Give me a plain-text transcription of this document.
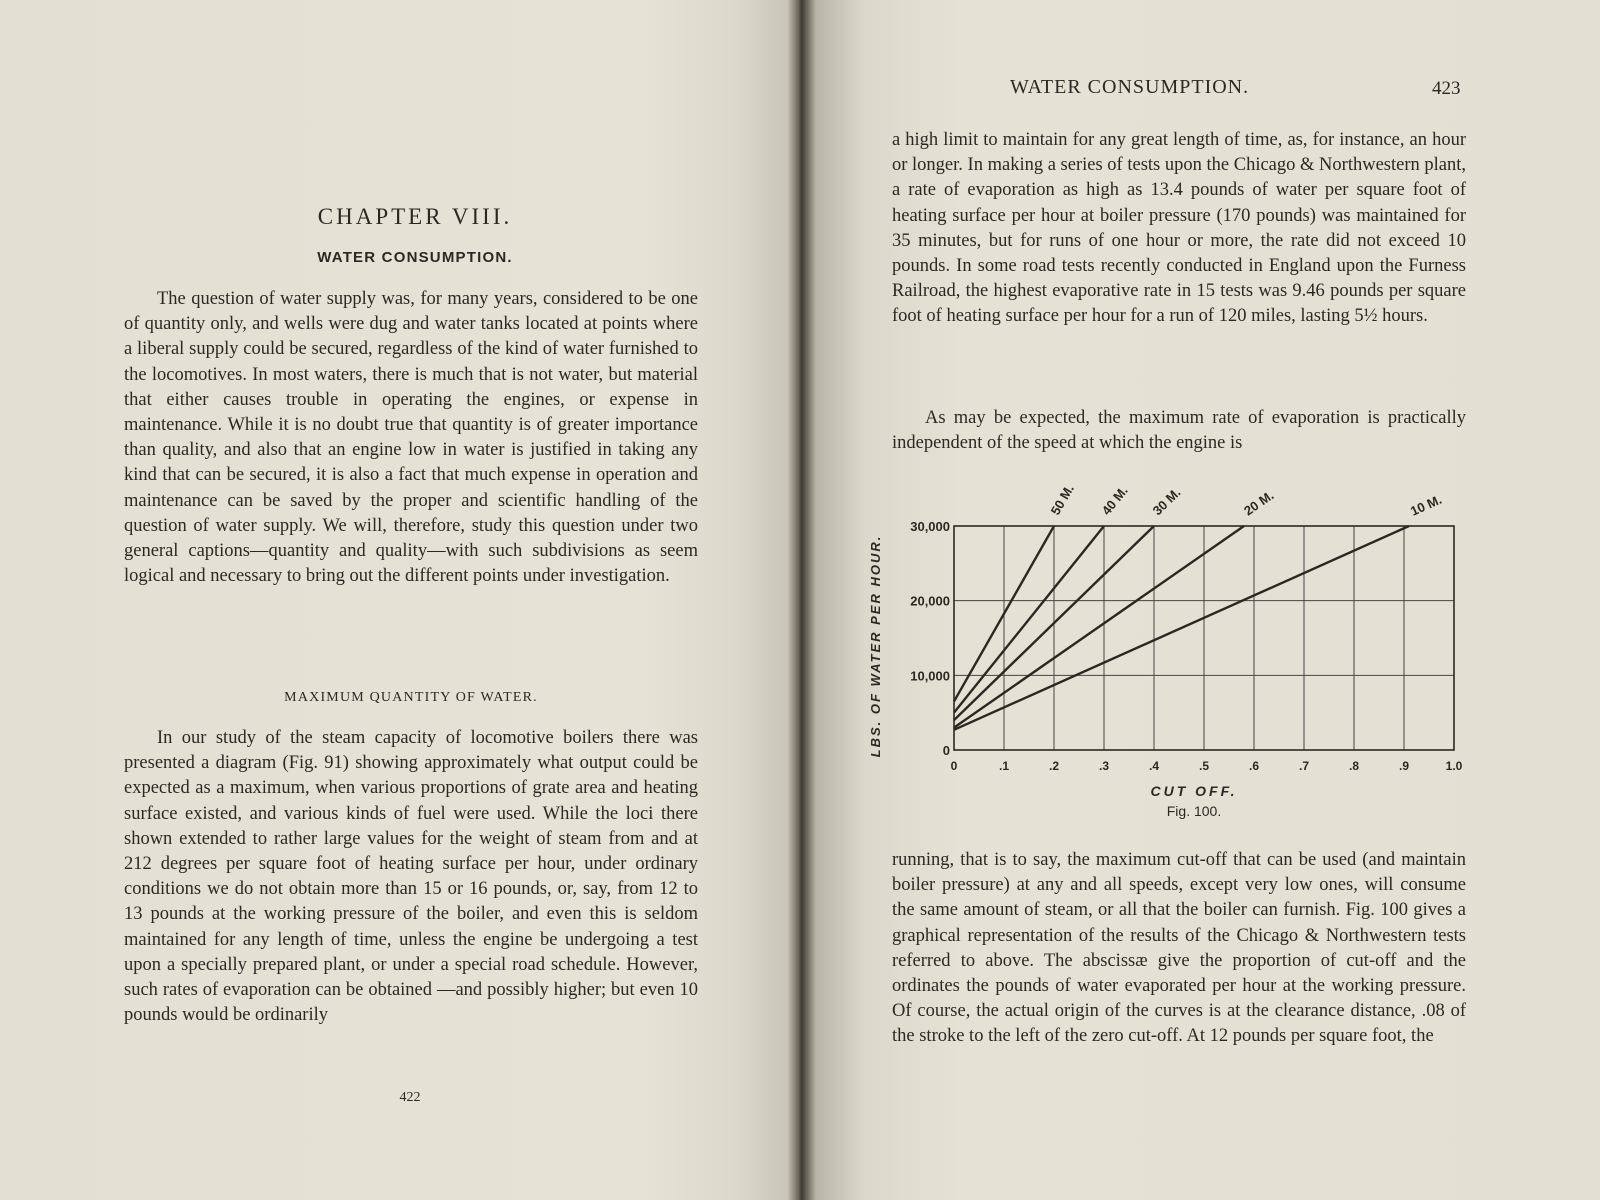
CHAPTER VIII.
WATER CONSUMPTION.

The question of water supply was, for many years, considered to be one of quantity only, and wells were dug and water tanks located at points where a liberal supply could be secured, regardless of the kind of water furnished to the locomotives. In most waters, there is much that is not water, but material that either causes trouble in operating the engines, or expense in maintenance. While it is no doubt true that quantity is of greater importance than quality, and also that an engine low in water is justified in taking any kind that can be secured, it is also a fact that much expense in operation and maintenance can be saved by the proper and scientific handling of the question of water supply. We will, therefore, study this question under two general captions—quantity and quality—with such subdivisions as seem logical and necessary to bring out the different points under investigation.

MAXIMUM QUANTITY OF WATER.

In our study of the steam capacity of locomotive boilers there was presented a diagram (Fig. 91) showing approximately what output could be expected as a maximum, when various proportions of grate area and heating surface existed, and various kinds of fuel were used. While the loci there shown extended to rather large values for the weight of steam from and at 212 degrees per square foot of heating surface per hour, under ordinary conditions we do not obtain more than 15 or 16 pounds, or, say, from 12 to 13 pounds at the working pressure of the boiler, and even this is seldom maintained for any length of time, unless the engine be undergoing a test upon a specially prepared plant, or under a special road schedule. However, such rates of evaporation can be obtained —and possibly higher; but even 10 pounds would be ordinarily

422
WATER CONSUMPTION.	423

a high limit to maintain for any great length of time, as, for instance, an hour or longer. In making a series of tests upon the Chicago & Northwestern plant, a rate of evaporation as high as 13.4 pounds of water per square foot of heating surface per hour at boiler pressure (170 pounds) was maintained for 35 minutes, but for runs of one hour or more, the rate did not exceed 10 pounds. In some road tests recently conducted in England upon the Furness Railroad, the highest evaporative rate in 15 tests was 9.46 pounds per square foot of heating surface per hour for a run of 120 miles, lasting 5½ hours.

As may be expected, the maximum rate of evaporation is practically independent of the speed at which the engine is

0	.1	.2	.3	.4	.5	.6	.7	.8	.9	1.0
0
10,000
20,000
30,000
50 M. 40 M. 30 M.	20 M.	10 M.
CUT OFF.
Fig. 100.
LBS. OF WATER PER HOUR.

running, that is to say, the maximum cut-off that can be used (and maintain boiler pressure) at any and all speeds, except very low ones, will consume the same amount of steam, or all that the boiler can furnish. Fig. 100 gives a graphical representation of the results of the Chicago & Northwestern tests referred to above. The abscissæ give the proportion of cut-off and the ordinates the pounds of water evaporated per hour at the working pressure. Of course, the actual origin of the curves is at the clearance distance, .08 of the stroke to the left of the zero cut-off. At 12 pounds per square foot, the
